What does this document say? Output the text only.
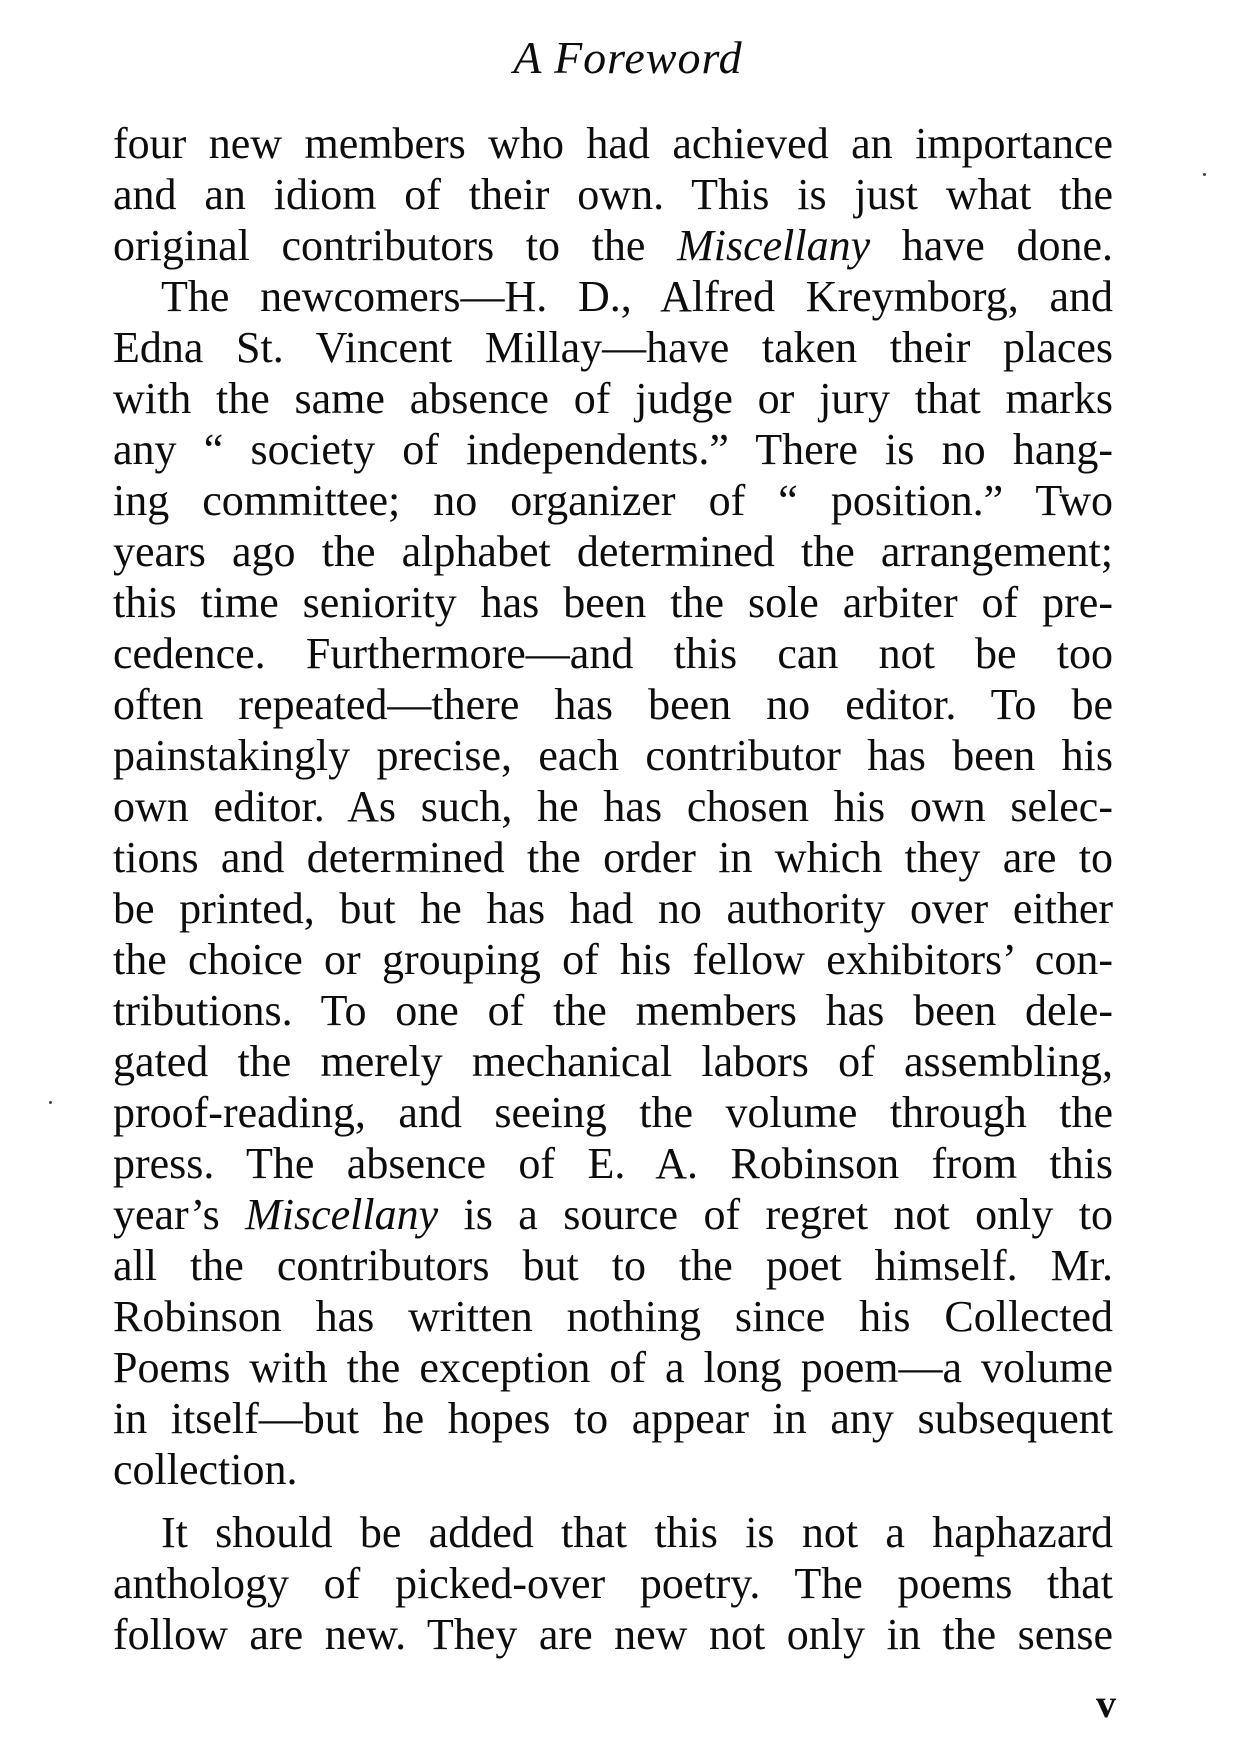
A Foreword
four new members who had achieved an importance
and an idiom of their own. This is just what the
original contributors to the Miscellany have done.
The newcomers—H. D., Alfred Kreymborg, and
Edna St. Vincent Millay—have taken their places
with the same absence of judge or jury that marks
any “ society of independents.” There is no hang-
ing committee; no organizer of “ position.” Two
years ago the alphabet determined the arrangement;
this time seniority has been the sole arbiter of pre-
cedence. Furthermore—and this can not be too
often repeated—there has been no editor. To be
painstakingly precise, each contributor has been his
own editor. As such, he has chosen his own selec-
tions and determined the order in which they are to
be printed, but he has had no authority over either
the choice or grouping of his fellow exhibitors’ con-
tributions. To one of the members has been dele-
gated the merely mechanical labors of assembling,
proof-reading, and seeing the volume through the
press. The absence of E. A. Robinson from this
year’s Miscellany is a source of regret not only to
all the contributors but to the poet himself. Mr.
Robinson has written nothing since his Collected
Poems with the exception of a long poem—a volume
in itself—but he hopes to appear in any subsequent
collection.
It should be added that this is not a haphazard
anthology of picked-over poetry. The poems that
follow are new. They are new not only in the sense
v
